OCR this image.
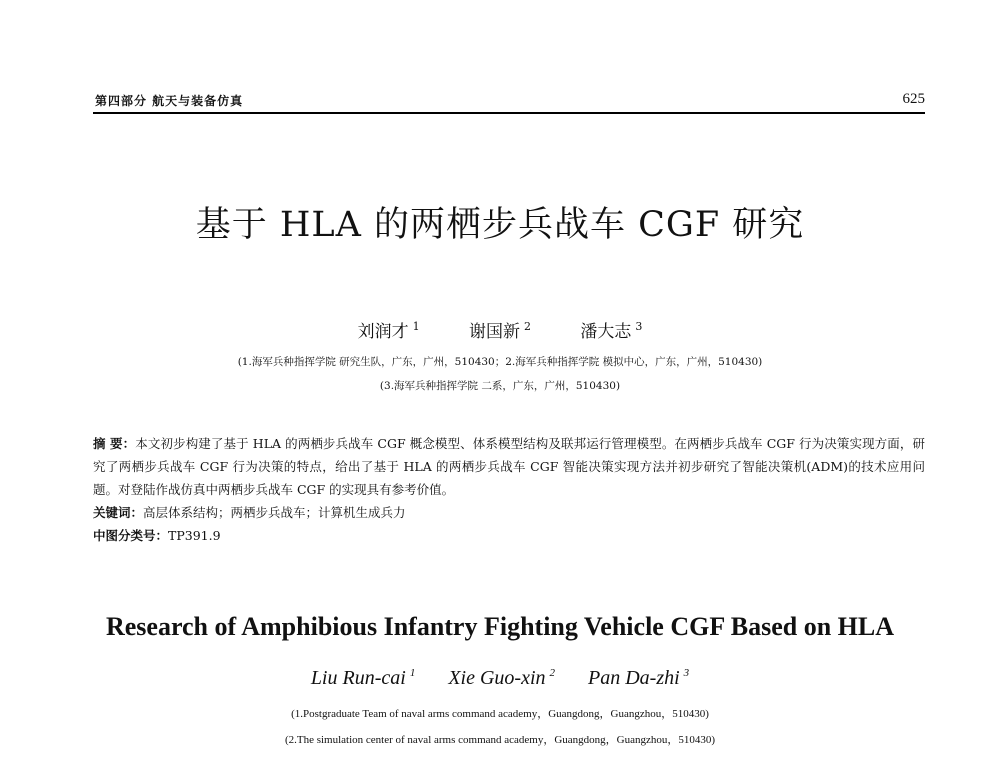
第四部分 航天与装备仿真	625
基于 HLA 的两栖步兵战车 CGF 研究
刘润才 $^1$	谢国新 $^2$	潘大志 $^3$
(1.海军兵种指挥学院 研究生队，广东，广州，510430；2.海军兵种指挥学院 模拟中心，广东，广州，510430)
(3.海军兵种指挥学院 二系，广东，广州，510430)

摘 要：本文初步构建了基于 HLA 的两栖步兵战车 CGF 概念模型、体系模型结构及联邦运行管理模型。在两栖步兵战车 CGF 行为决策实现方面，研究了两栖步兵战车 CGF 行为决策的特点，给出了基于 HLA 的两栖步兵战车 CGF 智能决策实现方法并初步研究了智能决策机(ADM)的技术应用问题。对登陆作战仿真中两栖步兵战车 CGF 的实现具有参考价值。

关键词：高层体系结构；两栖步兵战车；计算机生成兵力

中图分类号：TP391.9

Research of Amphibious Infantry Fighting Vehicle CGF Based on HLA
Liu Run-cai $^1$ Xie Guo-xin $^2$ Pan Da-zhi $^3$
(1.Postgraduate Team of naval arms command academy，Guangdong，Guangzhou，510430)
(2.The simulation center of naval arms command academy，Guangdong，Guangzhou，510430)
